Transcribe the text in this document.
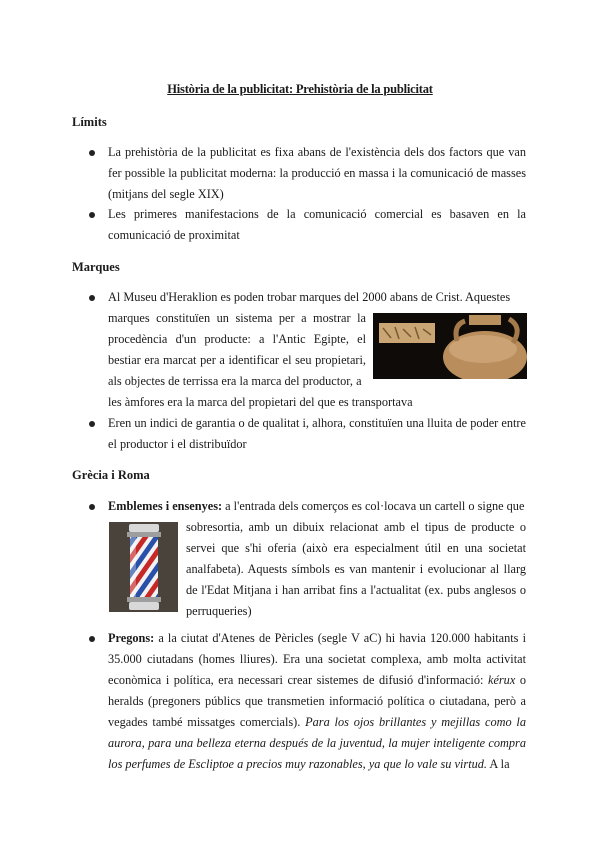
Història de la publicitat: Prehistòria de la publicitat
Límits
La prehistòria de la publicitat es fixa abans de l'existència dels dos factors que van fer possible la publicitat moderna: la producció en massa i la comunicació de masses (mitjans del segle XIX)
Les primeres manifestacions de la comunicació comercial es basaven en la comunicació de proximitat
Marques
Al Museu d'Heraklion es poden trobar marques del 2000 abans de Crist. Aquestes
marques constituïen un sistema per a mostrar la procedència d'un producte: a l'Antic Egipte, el bestiar era marcat per a identificar el seu propietari, als objectes de terrissa era la marca del productor, a
les àmfores era la marca del propietari del que es transportava
Eren un indici de garantia o de qualitat i, alhora, constituïen una lluita de poder entre el productor i el distribuïdor
Grècia i Roma
Emblemes i ensenyes: a l'entrada dels comerços es col·locava un cartell o signe que
sobresortia, amb un dibuix relacionat amb el tipus de producte o servei que s'hi oferia (això era especialment útil en una societat analfabeta). Aquests símbols es van mantenir i evolucionar al llarg de l'Edat Mitjana i han arribat fins a l'actualitat (ex. pubs anglesos o perruqueries)
Pregons: a la ciutat d'Atenes de Pèricles (segle V aC) hi havia 120.000 habitants i 35.000 ciutadans (homes lliures). Era una societat complexa, amb molta activitat econòmica i política, era necessari crear sistemes de difusió d'informació: kérux o heralds (pregoners públics que transmetien informació política o ciutadana, però a vegades també missatges comercials). Para los ojos brillantes y mejillas como la aurora, para una belleza eterna después de la juventud, la mujer inteligente compra los perfumes de Escliptoe a precios muy razonables, ya que lo vale su virtud. A la
